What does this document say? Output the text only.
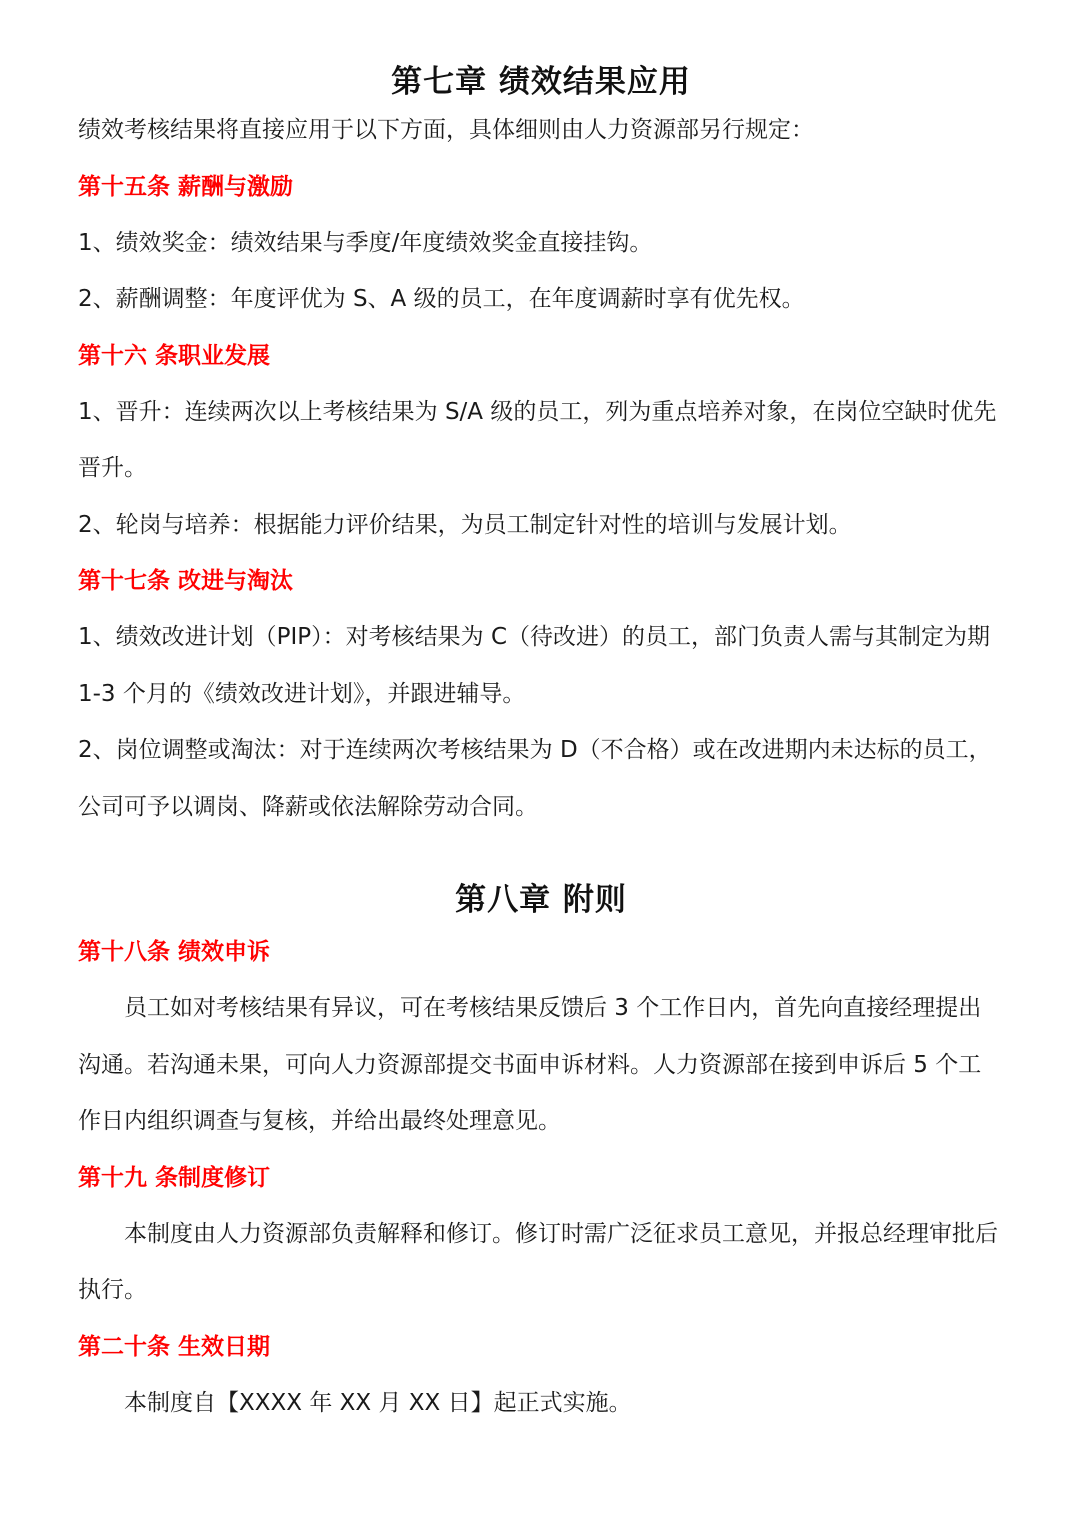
第七章 绩效结果应用

绩效考核结果将直接应用于以下方面，具体细则由人力资源部另行规定：

第十五条 薪酬与激励

1、绩效奖金：绩效结果与季度/年度绩效奖金直接挂钩。

2、薪酬调整：年度评优为 S、A 级的员工，在年度调薪时享有优先权。

第十六 条职业发展

1、晋升：连续两次以上考核结果为 S/A 级的员工，列为重点培养对象，在岗位空缺时优先晋升。

2、轮岗与培养：根据能力评价结果，为员工制定针对性的培训与发展计划。

第十七条 改进与淘汰

1、绩效改进计划（PIP）：对考核结果为 C（待改进）的员工，部门负责人需与其制定为期 1-3 个月的《绩效改进计划》，并跟进辅导。

2、岗位调整或淘汰：对于连续两次考核结果为 D（不合格）或在改进期内未达标的员工，公司可予以调岗、降薪或依法解除劳动合同。

第八章 附则
第十八条 绩效申诉

员工如对考核结果有异议，可在考核结果反馈后 3 个工作日内，首先向直接经理提出沟通。若沟通未果，可向人力资源部提交书面申诉材料。人力资源部在接到申诉后 5 个工作日内组织调查与复核，并给出最终处理意见。

第十九 条制度修订

本制度由人力资源部负责解释和修订。修订时需广泛征求员工意见，并报总经理审批后执行。

第二十条 生效日期

本制度自【XXXX 年 XX 月 XX 日】起正式实施。
